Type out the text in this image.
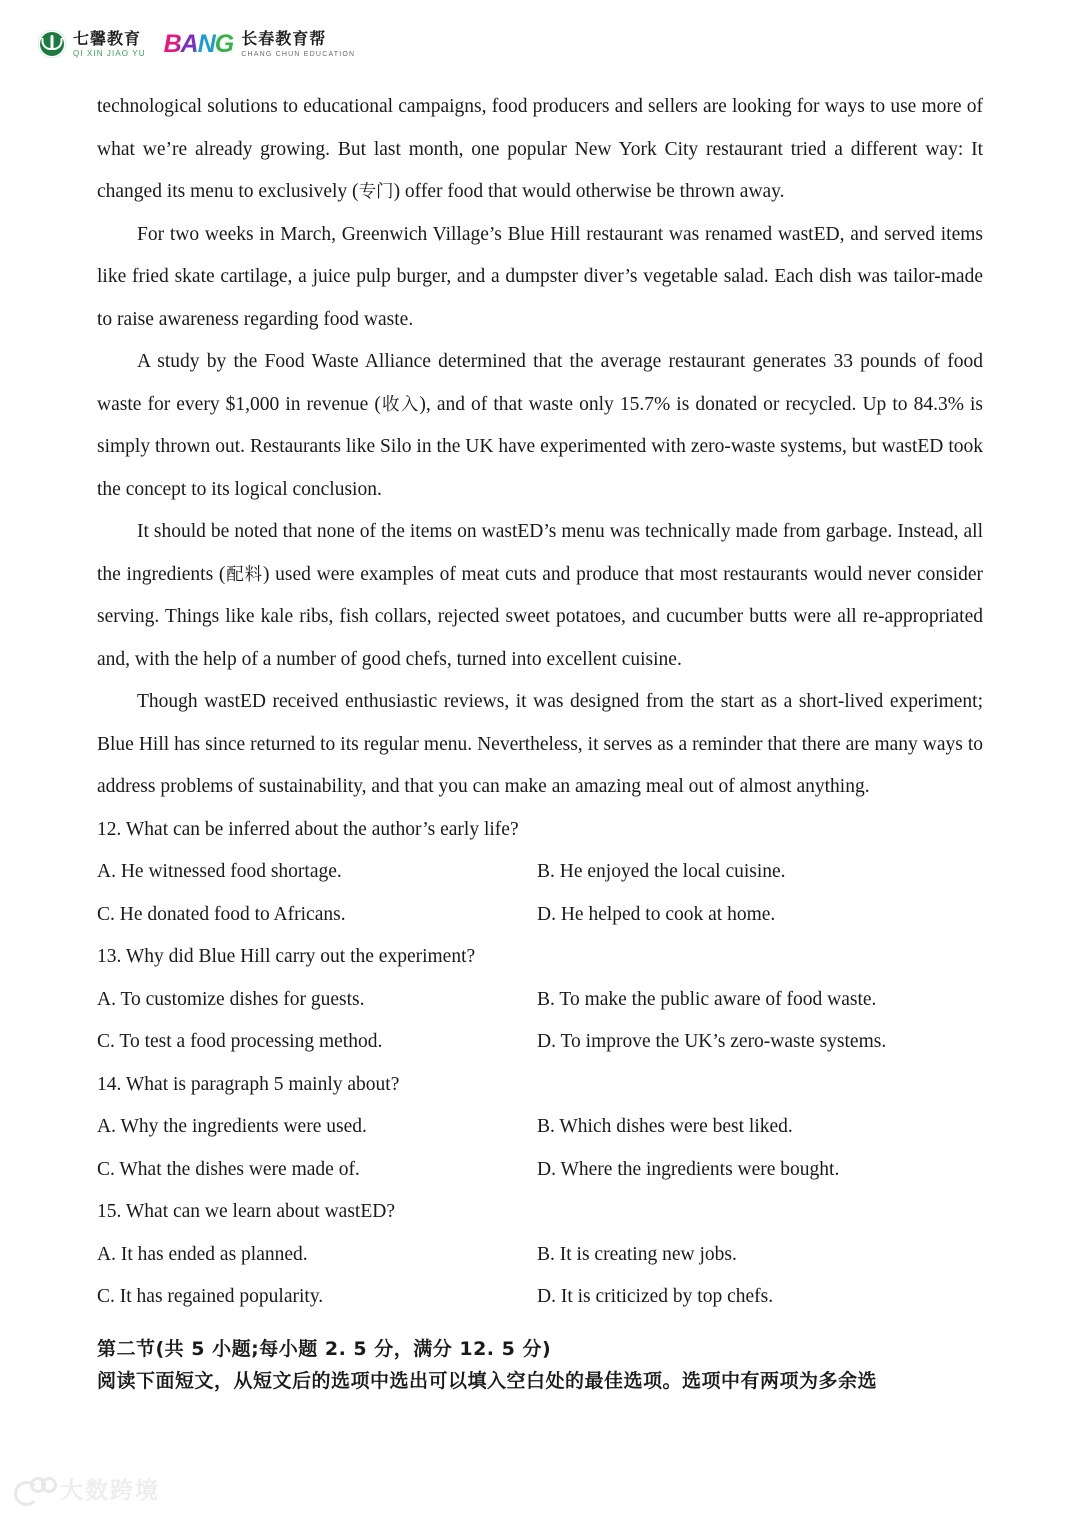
七馨教育
QI XIN JIAO YU BANG 长春教育帮
CHANG CHUN EDUCATION

technological solutions to educational campaigns, food producers and sellers are looking for ways to use more of what we’re already growing. But last month, one popular New York City restaurant tried a different way: It changed its menu to exclusively (专门) offer food that would otherwise be thrown away.

For two weeks in March, Greenwich Village’s Blue Hill restaurant was renamed wastED, and served items like fried skate cartilage, a juice pulp burger, and a dumpster diver’s vegetable salad. Each dish was tailor-made to raise awareness regarding food waste.

A study by the Food Waste Alliance determined that the average restaurant generates 33 pounds of food waste for every $1,000 in revenue (收入), and of that waste only 15.7% is donated or recycled. Up to 84.3% is simply thrown out. Restaurants like Silo in the UK have experimented with zero-waste systems, but wastED took the concept to its logical conclusion.

It should be noted that none of the items on wastED’s menu was technically made from garbage. Instead, all the ingredients (配料) used were examples of meat cuts and produce that most restaurants would never consider serving. Things like kale ribs, fish collars, rejected sweet potatoes, and cucumber butts were all re-appropriated and, with the help of a number of good chefs, turned into excellent cuisine.

Though wastED received enthusiastic reviews, it was designed from the start as a short-lived experiment; Blue Hill has since returned to its regular menu. Nevertheless, it serves as a reminder that there are many ways to address problems of sustainability, and that you can make an amazing meal out of almost anything.

12. What can be inferred about the author’s early life?

A. He witnessed food shortage.	B. He enjoyed the local cuisine.
C. He donated food to Africans.	D. He helped to cook at home.

13. Why did Blue Hill carry out the experiment?

A. To customize dishes for guests.	B. To make the public aware of food waste.
C. To test a food processing method.	D. To improve the UK’s zero-waste systems.

14. What is paragraph 5 mainly about?

A. Why the ingredients were used.	B. Which dishes were best liked.
C. What the dishes were made of.	D. Where the ingredients were bought.

15. What can we learn about wastED?

A. It has ended as planned.	B. It is creating new jobs.
C. It has regained popularity.	D. It is criticized by top chefs.
第二节(共 5 小题;每小题 2. 5 分，满分 12. 5 分)
阅读下面短文，从短文后的选项中选出可以填入空白处的最佳选项。选项中有两项为多余选
大数跨境
